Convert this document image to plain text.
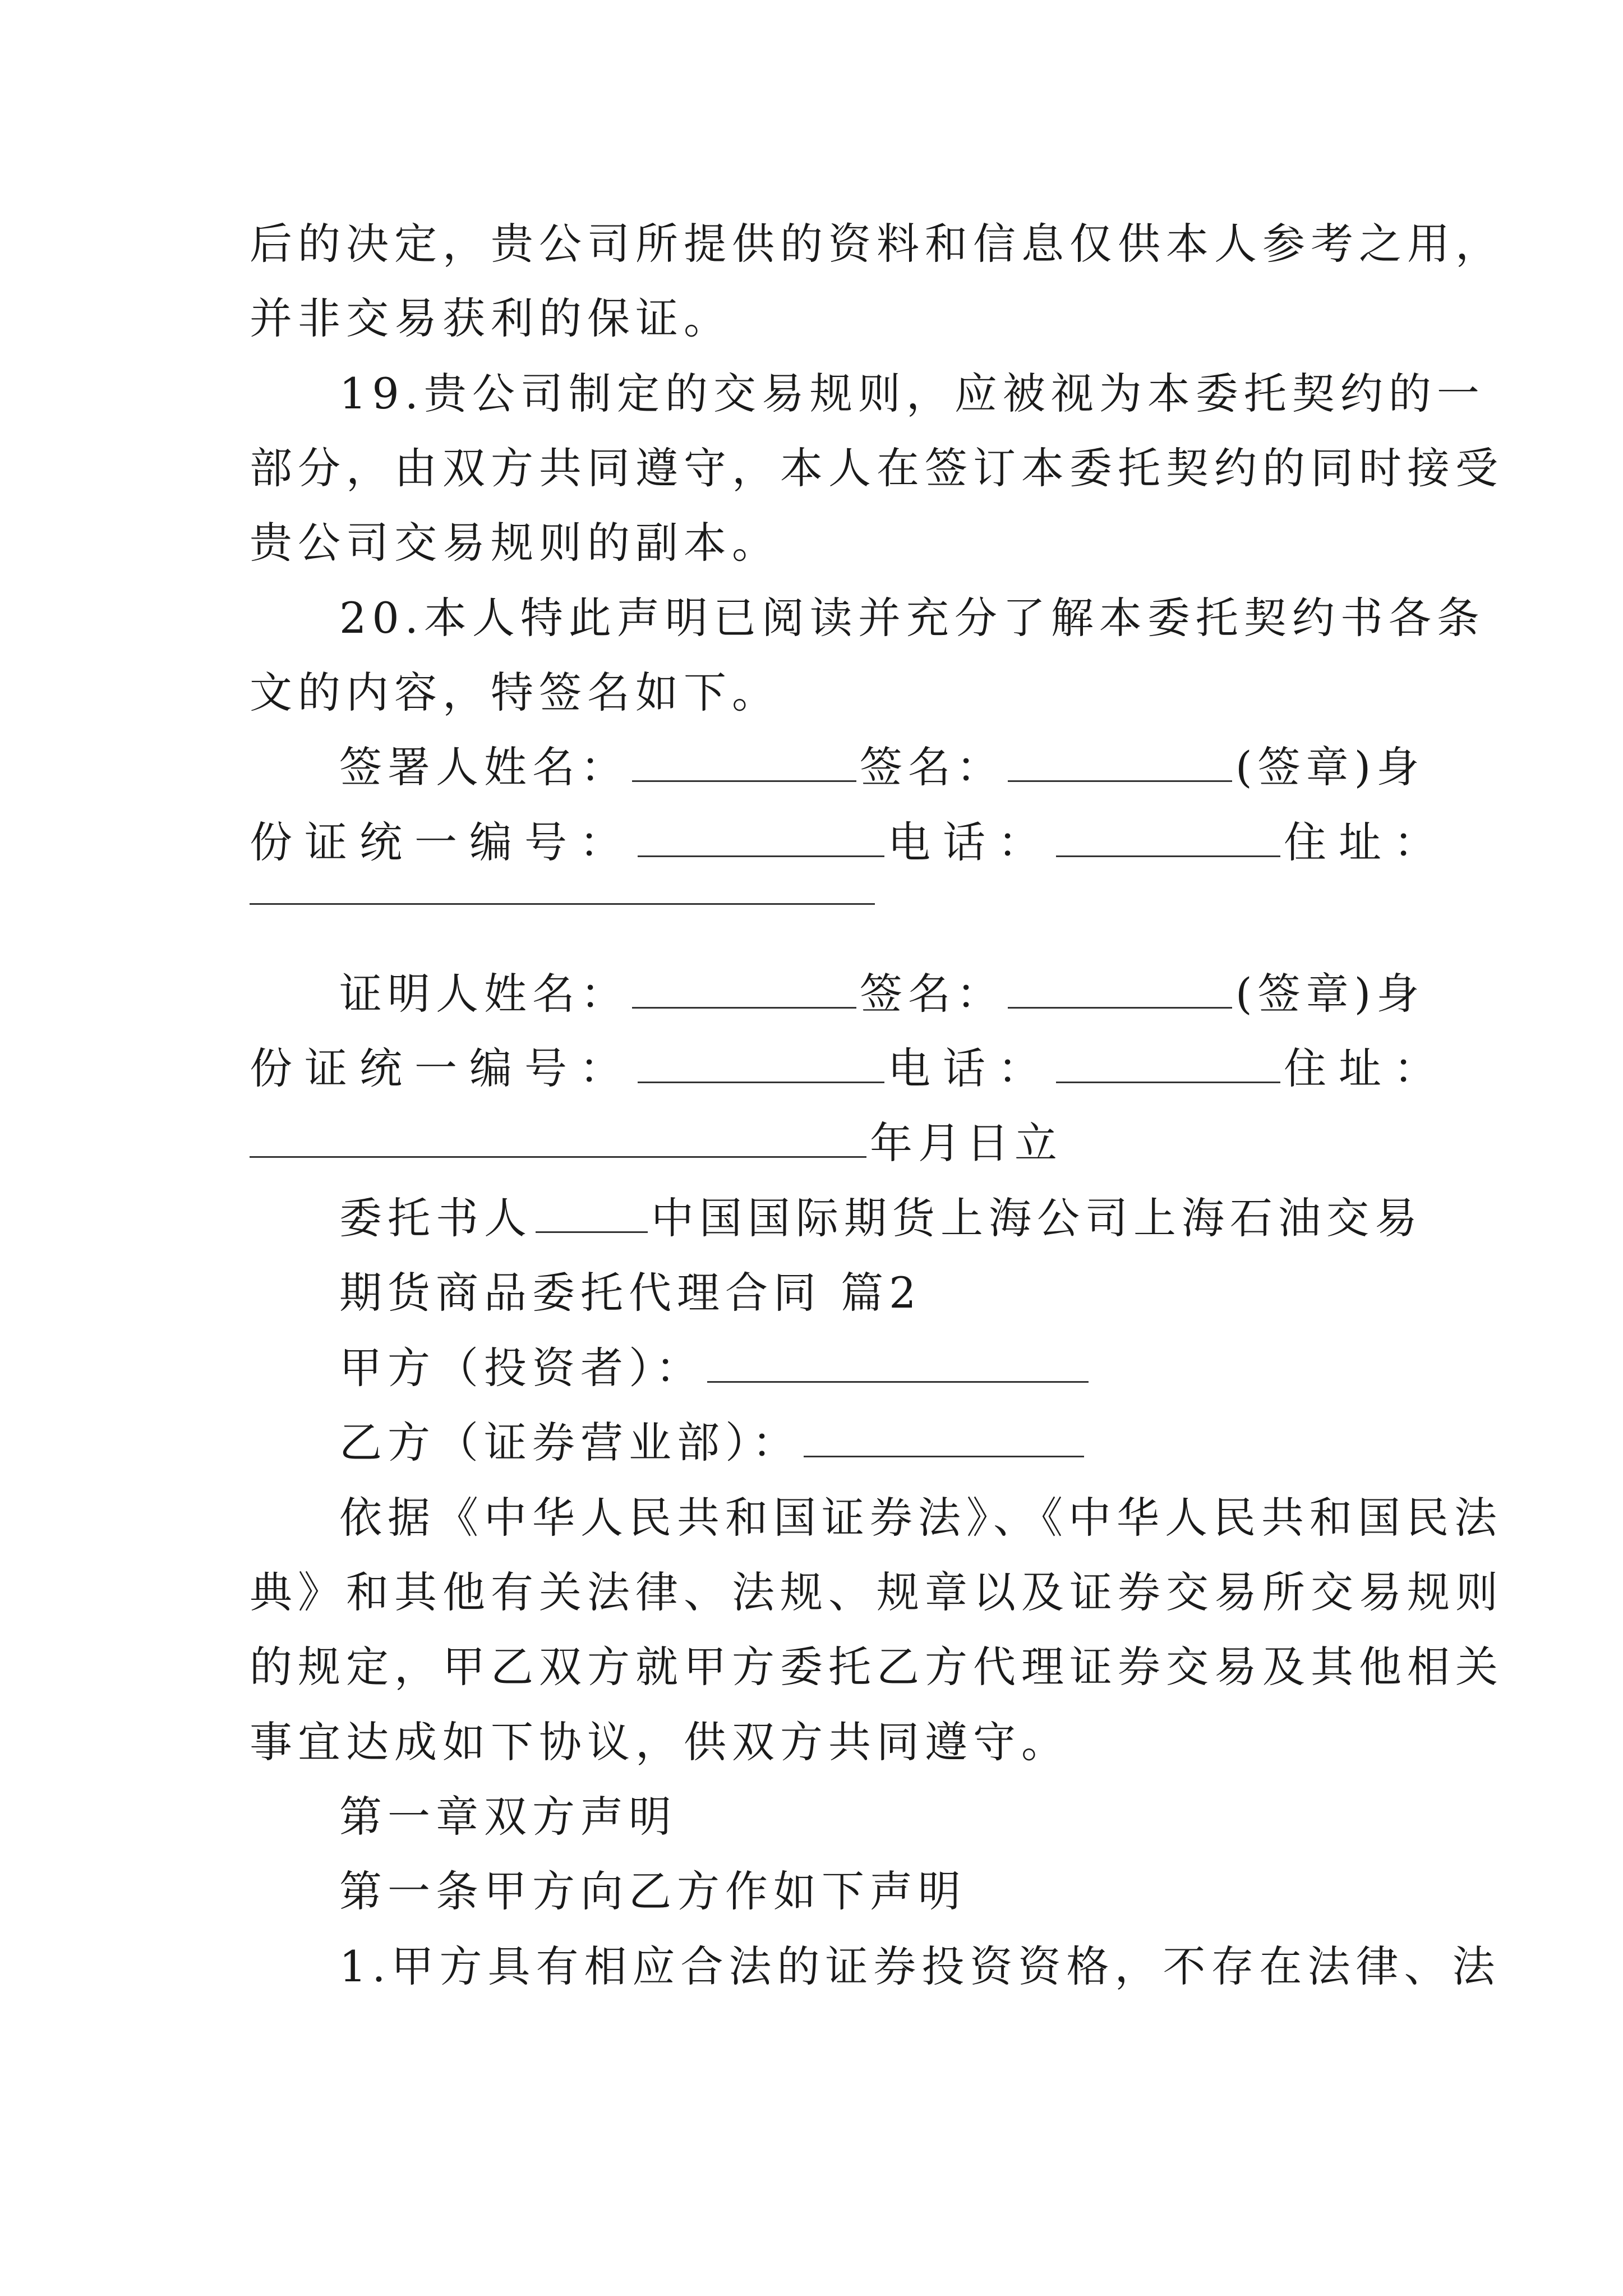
后的决定，贵公司所提供的资料和信息仅供本人参考之用，
并非交易获利的保证。
19.贵公司制定的交易规则，应被视为本委托契约的一
部分，由双方共同遵守，本人在签订本委托契约的同时接受
贵公司交易规则的副本。
20.本人特此声明已阅读并充分了解本委托契约书各条
文的内容，特签名如下。
签署人姓名：	签名：	(签章)身
份证统一编号：	电话：	住址：
证明人姓名：	签名：	(签章)身
份证统一编号：	电话：	住址：
年月日立
委托书人	中国国际期货上海公司上海石油交易
期货商品委托代理合同 篇2
甲方（投资者）：
乙方（证券营业部）：
依据《中华人民共和国证券法》、《中华人民共和国民法
典》和其他有关法律、法规、规章以及证券交易所交易规则
的规定，甲乙双方就甲方委托乙方代理证券交易及其他相关
事宜达成如下协议，供双方共同遵守。
第一章双方声明
第一条甲方向乙方作如下声明
1.甲方具有相应合法的证券投资资格，不存在法律、法
